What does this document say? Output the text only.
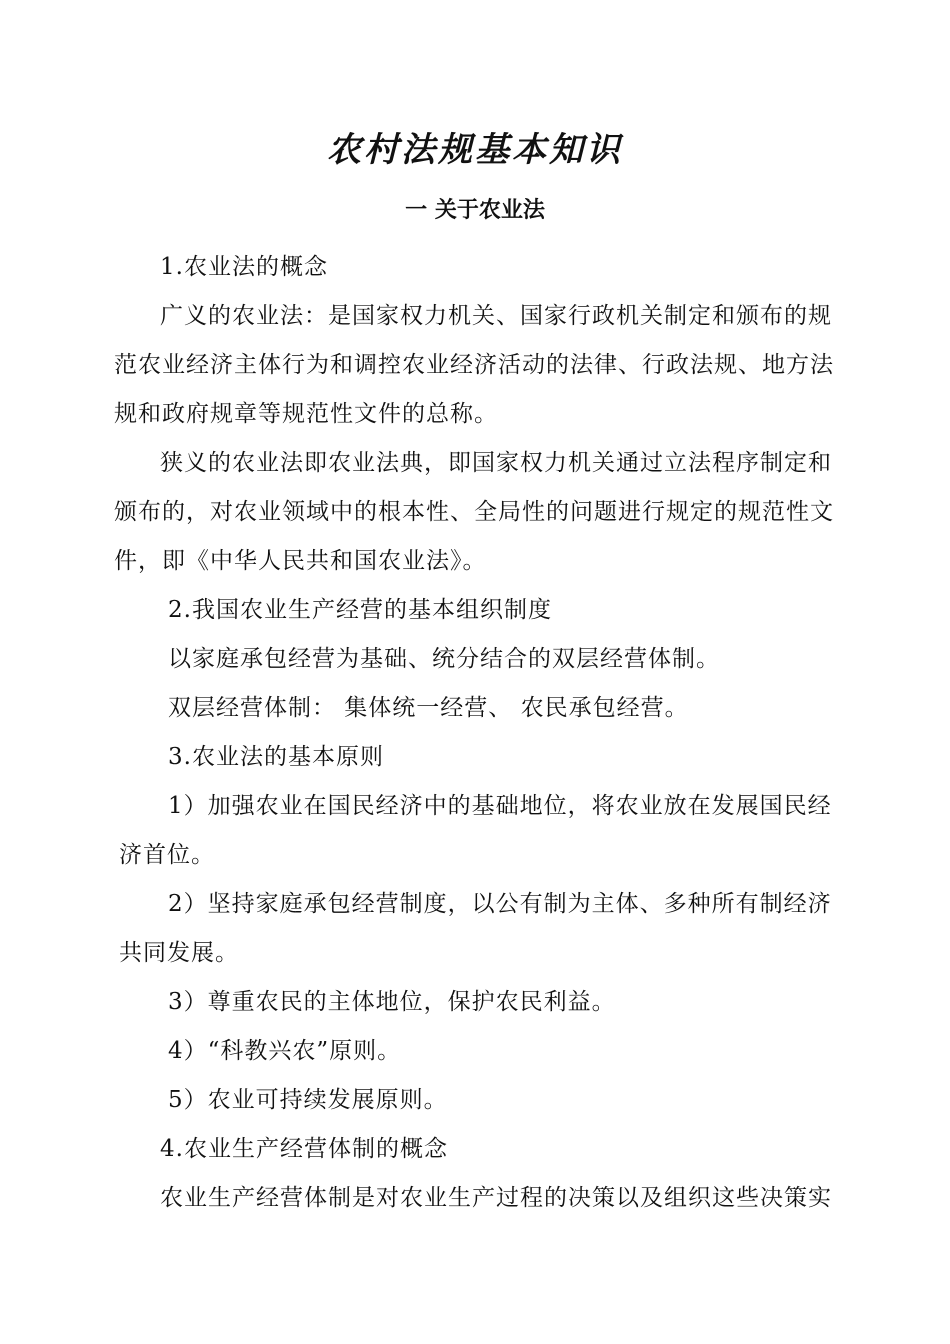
农村法规基本知识
一 关于农业法
1.农业法的概念
广义的农业法：是国家权力机关、国家行政机关制定和颁布的规
范农业经济主体行为和调控农业经济活动的法律、行政法规、地方法
规和政府规章等规范性文件的总称。
狭义的农业法即农业法典，即国家权力机关通过立法程序制定和
颁布的，对农业领域中的根本性、全局性的问题进行规定的规范性文
件，即《中华人民共和国农业法》。
2.我国农业生产经营的基本组织制度
以家庭承包经营为基础、统分结合的双层经营体制。
双层经营体制： 集体统一经营、 农民承包经营。
3.农业法的基本原则
1）加强农业在国民经济中的基础地位，将农业放在发展国民经
济首位。
2）坚持家庭承包经营制度，以公有制为主体、多种所有制经济
共同发展。
3）尊重农民的主体地位，保护农民利益。
4）“科教兴农”原则。
5）农业可持续发展原则。
4.农业生产经营体制的概念
农业生产经营体制是对农业生产过程的决策以及组织这些决策实
